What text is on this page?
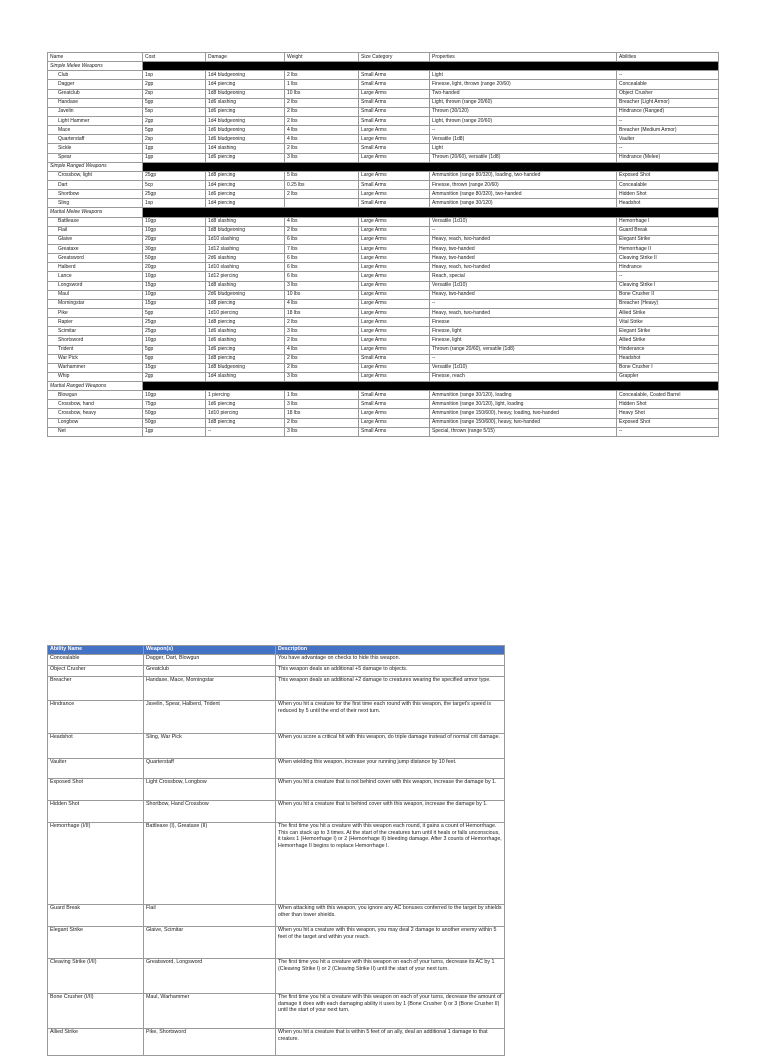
Name	Cost	Damage	Weight	Size Category	Properties	Abilities
Simple Melee Weapons						
Club	1sp	1d4 bludgeoning	2 lbs	Small Arms	Light	--
Dagger	2gp	1d4 piercing	1 lbs	Small Arms	Finesse, light, thrown (range 20/60)	Concealable
Greatclub	2sp	1d8 bludgeoning	10 lbs	Large Arms	Two-handed	Object Crusher
Handaxe	5gp	1d6 slashing	2 lbs	Small Arms	Light, thrown (range 20/60)	Breacher (Light Armor)
Javelin	5sp	1d6 piercing	2 lbs	Small Arms	Thrown (30/120)	Hindrance (Ranged)
Light Hammer	2gp	1d4 bludgeoning	2 lbs	Small Arms	Light, thrown (range 20/60)	--
Mace	5gp	1d6 bludgeoning	4 lbs	Large Arms	--	Breacher (Medium Armor)
Quarterstaff	2sp	1d6 bludgeoning	4 lbs	Large Arms	Versatile (1d8)	Vaulter
Sickle	1gp	1d4 slashing	2 lbs	Small Arms	Light	--
Spear	1gp	1d6 piercing	3 lbs	Large Arms	Thrown (20/60), versatile (1d8)	Hindrance (Melee)
Simple Ranged Weapons						
Crossbow, light	25gp	1d8 piercing	5 lbs	Large Arms	Ammunition (range 80/320), loading, two-handed	Exposed Shot
Dart	5cp	1d4 piercing	0.25 lbs	Small Arms	Finesse, thrown (range 20/60)	Concealable
Shortbow	25gp	1d6 piercing	2 lbs	Large Arms	Ammunition (range 80/320), two-handed	Hidden Shot
Sling	1sp	1d4 piercing		Small Arms	Ammunition (range 30/120)	Headshot
Martial Melee Weapons						
Battleaxe	10gp	1d8 slashing	4 lbs	Large Arms	Versatile (1d10)	Hemorrhage I
Flail	10gp	1d8 bludgeoning	2 lbs	Large Arms	--	Guard Break
Glaive	20gp	1d10 slashing	6 lbs	Large Arms	Heavy, reach, two-handed	Elegant Strike
Greataxe	30gp	1d12 slashing	7 lbs	Large Arms	Heavy, two-handed	Hemorrhage II
Greatsword	50gp	2d6 slashing	6 lbs	Large Arms	Heavy, two-handed	Cleaving Strike II
Halberd	20gp	1d10 slashing	6 lbs	Large Arms	Heavy, reach, two-handed	Hindrance
Lance	10gp	1d12 piercing	6 lbs	Large Arms	Reach, special	--
Longsword	15gp	1d8 slashing	3 lbs	Large Arms	Versatile (1d10)	Cleaving Strike I
Maul	10gp	2d6 bludgeoning	10 lbs	Large Arms	Heavy, two-handed	Bone Crusher II
Morningstar	15gp	1d8 piercing	4 lbs	Large Arms	--	Breacher (Heavy)
Pike	5gp	1d10 piercing	18 lbs	Large Arms	Heavy, reach, two-handed	Allied Strike
Rapier	25gp	1d8 piercing	2 lbs	Large Arms	Finesse	Vital Strike
Scimitar	25gp	1d6 slashing	3 lbs	Large Arms	Finesse, light	Elegant Strike
Shortsword	10gp	1d6 slashing	2 lbs	Large Arms	Finesse, light	Allied Strike
Trident	5gp	1d6 piercing	4 lbs	Large Arms	Thrown (range 20/60), versatile (1d8)	Hinderance
War Pick	5gp	1d8 piercing	2 lbs	Small Arms	--	Headshot
Warhammer	15gp	1d8 bludgeoning	2 lbs	Large Arms	Versatile (1d10)	Bone Crusher I
Whip	2gp	1d4 slashing	3 lbs	Large Arms	Finesse, reach	Grappler
Martial Ranged Weapons						
Blowgun	10gp	1 piercing	1 lbs	Small Arms	Ammunition (range 30/120), loading	Concealable, Coated Barrel
Crossbow, hand	75gp	1d6 piercing	3 lbs	Small Arms	Ammunition (range 30/120), light, loading	Hidden Shot
Crossbow, heavy	50gp	1d10 piercing	18 lbs	Large Arms	Ammunition (range 150/600), heavy, loading, two-handed	Heavy Shot
Longbow	50gp	1d8 piercing	2 lbs	Large Arms	Ammunition (range 150/600), heavy, two-handed	Exposed Shot
Net	1gp	--	3 lbs	Small Arms	Special, thrown (range 5/15)	--
Ability Name	Weapon(s)	Description
Concealable	Dagger, Dart, Blowgun	You have advantage on checks to hide this weapon.
Object Crusher	Greatclub	This weapon deals an additional +5 damage to objects.
Breacher	Handaxe, Mace, Morningstar	This weapon deals an additional +2 damage to creatures wearing the specified armor type.
Hindrance	Javelin, Spear, Halberd, Trident	When you hit a creature for the first time each round with this weapon, the target's speed is reduced by 5 until the end of their next turn.
Headshot	Sling, War Pick	When you score a critical hit with this weapon, do triple damage instead of normal crit damage.
Vaulter	Quarterstaff	When wielding this weapon, increase your running jump distance by 10 feet.
Exposed Shot	Light Crossbow, Longbow	When you hit a creature that is not behind cover with this weapon, increase the damage by 1.
Hidden Shot	Shortbow, Hand Crossbow	When you hit a creature that is behind cover with this weapon, increase the damage by 1.
Hemorrhage (I/II)	Battleaxe (I), Greataxe (II)	The first time you hit a creature with this weapon each round, it gains a count of Hemorrhage. This can stack up to 3 times. At the start of the creatures turn until it heals or falls unconscious, it takes 1 (Hemorrhage I) or 2 (Hemorrhage II) bleeding damage. After 3 counts of Hemorrhage, Hemorrhage II begins to replace Hemorrhage I.
Guard Break	Flail	When attacking with this weapon, you ignore any AC bonuses conferred to the target by shields other than tower shields.
Elegant Strike	Glaive, Scimitar	When you hit a creature with this weapon, you may deal 2 damage to another enemy within 5 feet of the target and within your reach.
Cleaving Strike (I/II)	Greatsword, Longsword	The first time you hit a creature with this weapon on each of your turns, decrease its AC by 1 (Cleaving Strike I) or 2 (Cleaving Strike II) until the start of your next turn.
Bone Crusher (I/II)	Maul, Warhammer	The first time you hit a creature with this weapon on each of your turns, decrease the amount of damage it does with each damaging ability it uses by 1 (Bone Crusher I) or 3 (Bone Crusher II) until the start of your next turn.
Allied Strike	Pike, Shortsword	When you hit a creature that is within 5 feet of an ally, deal an additional 1 damage to that creature.
